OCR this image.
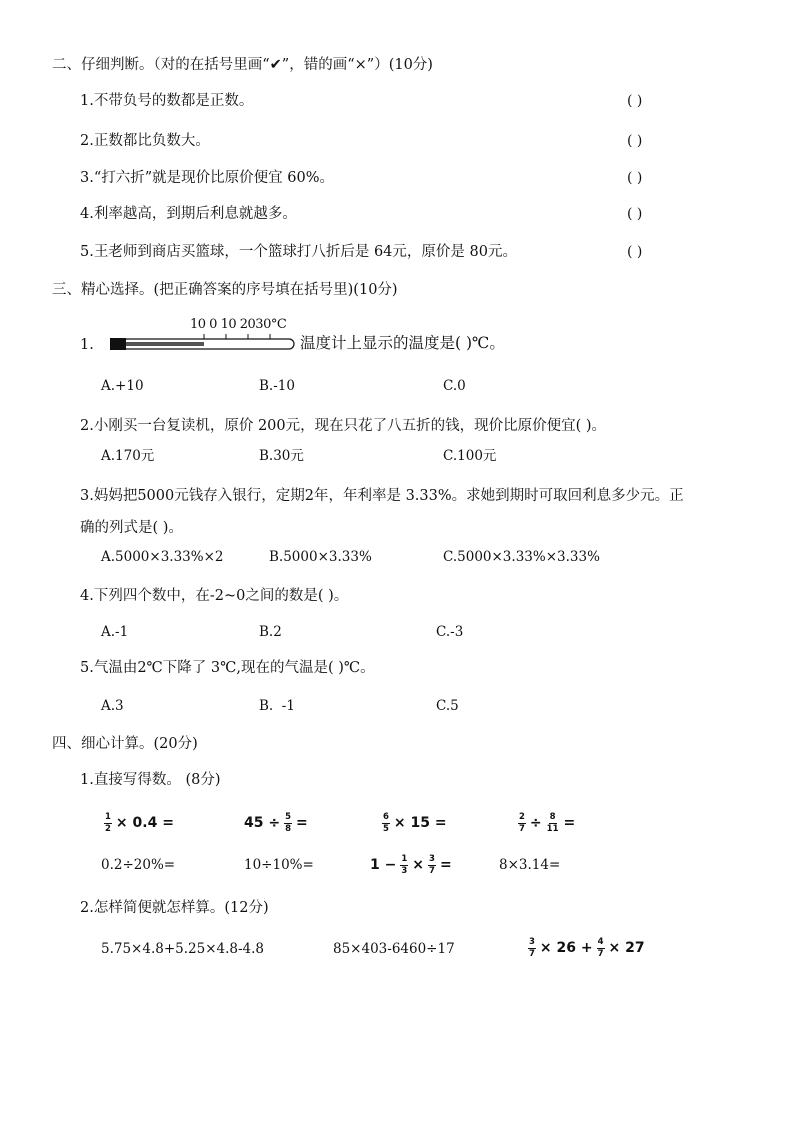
二、仔细判断。（对的在括号里画“✔”，错的画“×”）(10分)
1.不带负号的数都是正数。	( )
2.正数都比负数大。	( )
3.“打六折”就是现价比原价便宜 60%。	( )
4.利率越高，到期后利息就越多。	( )
5.王老师到商店买篮球，一个篮球打八折后是 64元，原价是 80元。	( )
三、精心选择。(把正确答案的序号填在括号里)(10分)
1.
10 0 10 2030°C
温度计上显示的温度是( )℃。
A.+10	B.-10	C.0
2.小刚买一台复读机，原价 200元，现在只花了八五折的钱，现价比原价便宜( )。
A.170元	B.30元	C.100元
3.妈妈把5000元钱存入银行，定期2年，年利率是 3.33%。求她到期时可取回利息多少元。正
确的列式是( )。
A.5000×3.33%×2	B.5000×3.33%	C.5000×3.33%×3.33%
4.下列四个数中，在-2~0之间的数是( )。
A.-1	B.2	C.-3
5.气温由2℃下降了 3℃,现在的气温是( )℃。
A.3	B.  -1	C.5
四、细心计算。(20分)
1.直接写得数。 (8分)
$\frac{1}{2} \times 0.4$ =	$45 \div \frac{5}{8}$ =	$\frac{6}{5} \times 15$ =	$\frac{2}{7} \div \frac{8}{11}$ =
0.2÷20%=	10÷10%=	$1 - \frac{1}{3} \times \frac{3}{7}$ =	8×3.14=
2.怎样简便就怎样算。(12分)
5.75×4.8+5.25×4.8-4.8	85×403-6460÷17	$\frac{3}{7} \times 26 + \frac{4}{7} \times 27$
